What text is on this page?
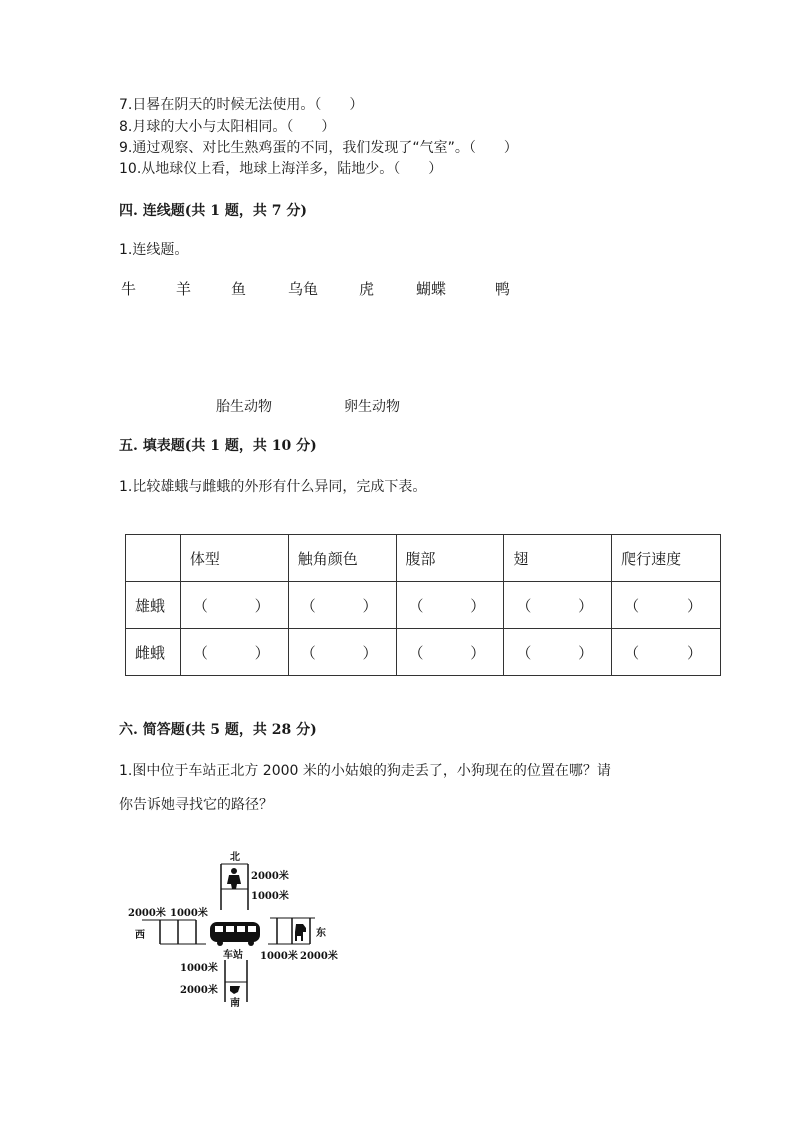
7.日晷在阴天的时候无法使用。（　　）
8.月球的大小与太阳相同。（　　）
9.通过观察、对比生熟鸡蛋的不同，我们发现了“气室”。（　　）
10.从地球仪上看，地球上海洋多，陆地少。（　　）
四. 连线题(共 1 题，共 7 分)
1.连线题。
牛	羊	鱼	乌龟	虎	蝴蝶	鸭
胎生动物	卵生动物
五. 填表题(共 1 题，共 10 分)
1.比较雄蛾与雌蛾的外形有什么异同，完成下表。
	体型	触角颜色	腹部	翅	爬行速度
雄蛾	（ ）	（ ）	（ ）	（ ）	（ ）

雌蛾	（ ）	（ ）	（ ）	（ ）	（ ）
六. 简答题(共 5 题，共 28 分)
1.图中位于车站正北方 2000 米的小姑娘的狗走丢了，小狗现在的位置在哪？请
你告诉她寻找它的路径？
北
2000米
1000米
2000米 1000米
西
车站
东
1000米 2000米
1000米
2000米
南
